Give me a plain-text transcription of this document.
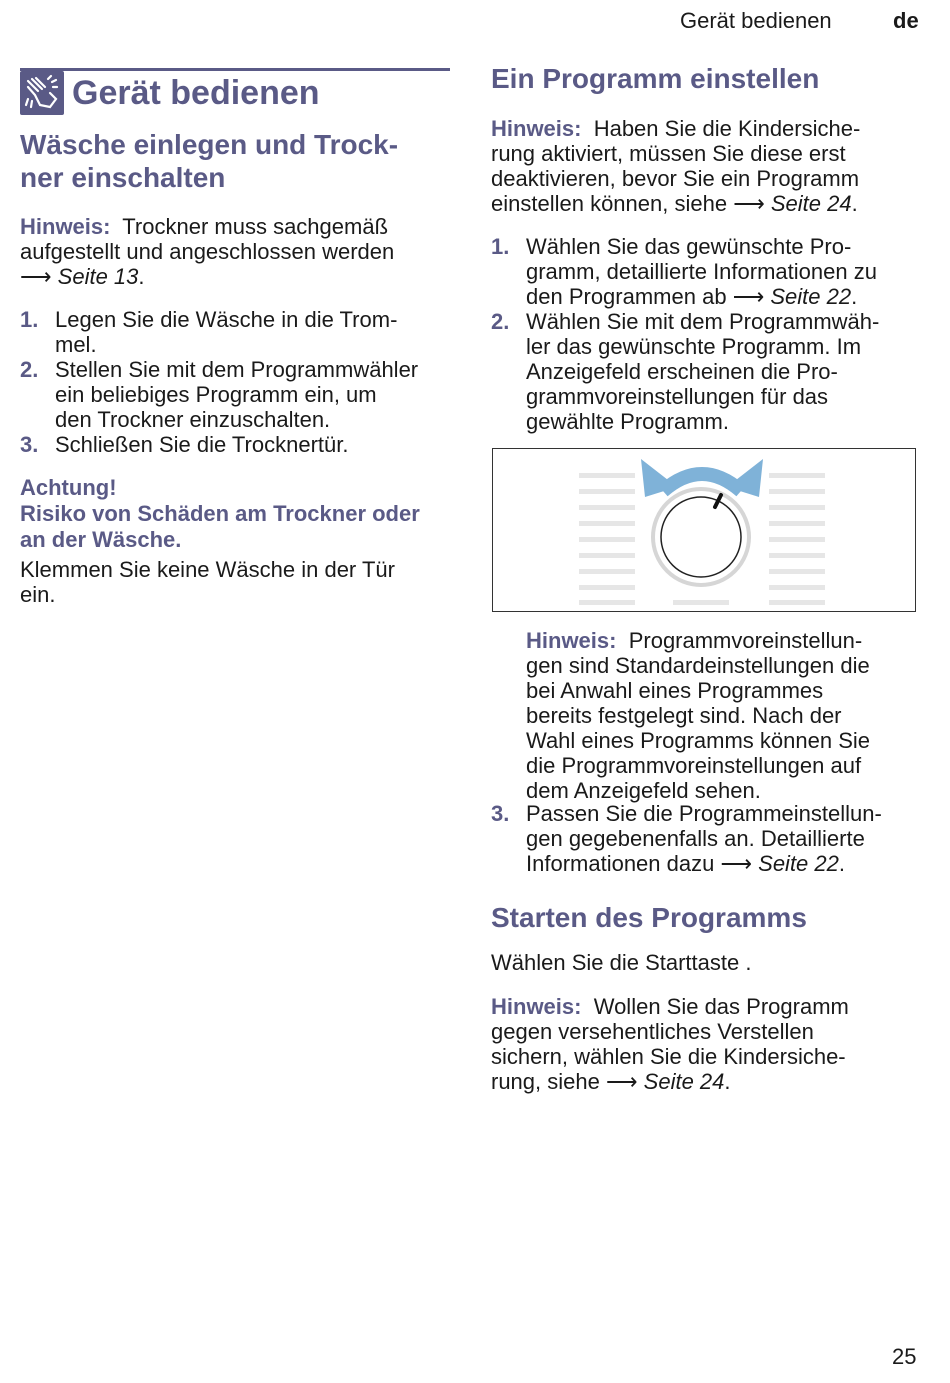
Gerät bedienen	de
Gerät bedienen
Wäsche einlegen und Trock-
ner einschalten
Hinweis: Trockner muss sachgemäß
aufgestellt und angeschlossen werden
⟶ Seite 13.
1. Legen Sie die Wäsche in die Trom-
mel.
2. Stellen Sie mit dem Programmwähler
ein beliebiges Programm ein, um
den Trockner einzuschalten.
3. Schließen Sie die Trocknertür.
Achtung!
Risiko von Schäden am Trockner oder
an der Wäsche.
Klemmen Sie keine Wäsche in der Tür
ein.
Ein Programm einstellen
Hinweis: Haben Sie die Kindersiche-
rung aktiviert, müssen Sie diese erst
deaktivieren, bevor Sie ein Programm
einstellen können, siehe ⟶ Seite 24.
1. Wählen Sie das gewünschte Pro-
gramm, detaillierte Informationen zu
den Programmen ab ⟶ Seite 22.
2. Wählen Sie mit dem Programmwäh-
ler das gewünschte Programm. Im
Anzeigefeld erscheinen die Pro-
grammvoreinstellungen für das
gewählte Programm.
Hinweis: Programmvoreinstellun-
gen sind Standardeinstellungen die
bei Anwahl eines Programmes
bereits festgelegt sind. Nach der
Wahl eines Programms können Sie
die Programmvoreinstellungen auf
dem Anzeigefeld sehen.
3. Passen Sie die Programmeinstellun-
gen gegebenenfalls an. Detaillierte
Informationen dazu ⟶ Seite 22.
Starten des Programms
Wählen Sie die Starttaste .
Hinweis: Wollen Sie das Programm
gegen versehentliches Verstellen
sichern, wählen Sie die Kindersiche-
rung, siehe ⟶ Seite 24.
25
